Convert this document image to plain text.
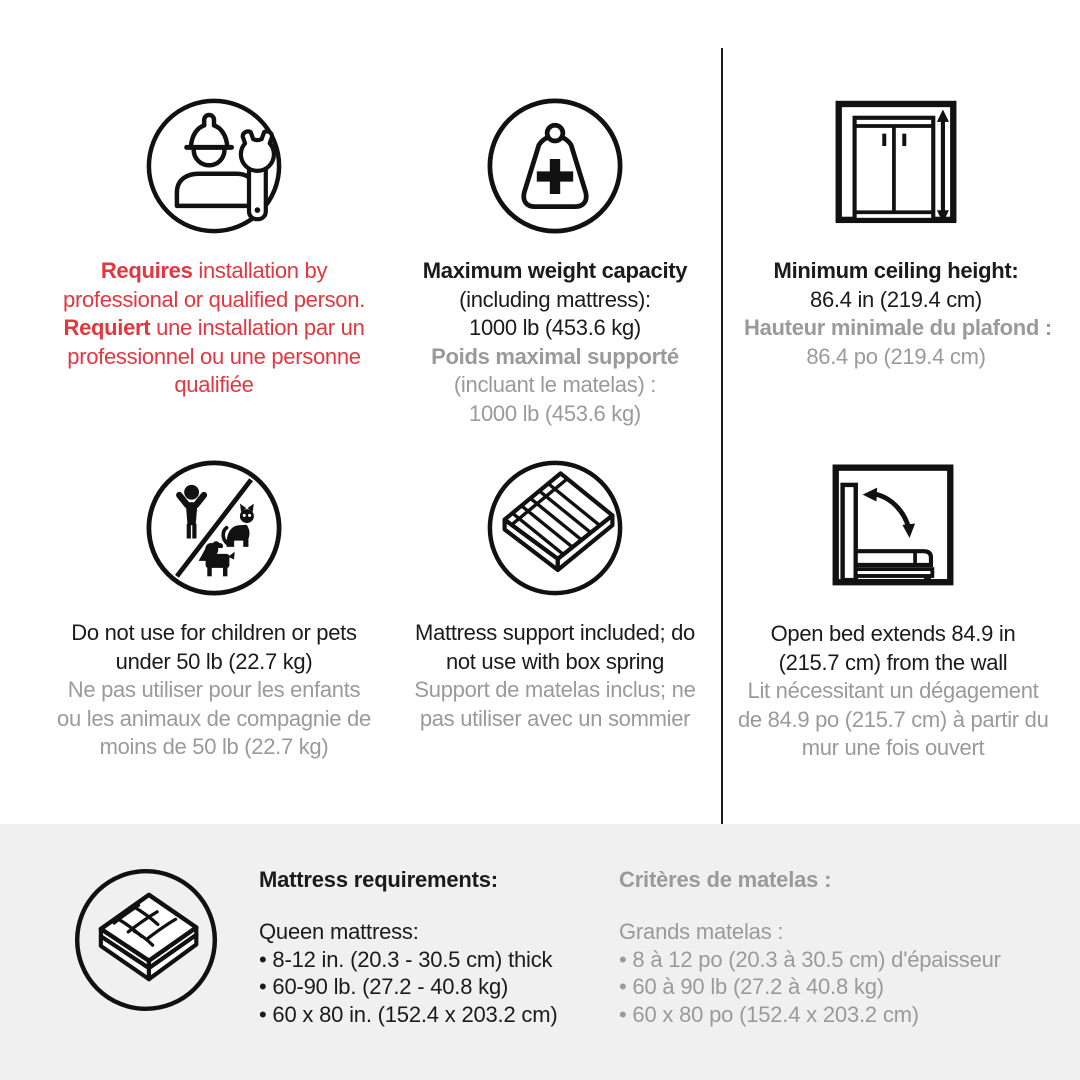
Requires installation by
professional or qualified person.
Requiert une installation par un
professionnel ou une personne
qualifiée
Maximum weight capacity
(including mattress):
1000 lb (453.6 kg)
Poids maximal supporté
(incluant le matelas) :
1000 lb (453.6 kg)
Minimum ceiling height:
86.4 in (219.4 cm)
Hauteur minimale du plafond :
86.4 po (219.4 cm)
Do not use for children or pets
under 50 lb (22.7 kg)
Ne pas utiliser pour les enfants
ou les animaux de compagnie de
moins de 50 lb (22.7 kg)
Mattress support included; do
not use with box spring
Support de matelas inclus; ne
pas utiliser avec un sommier
Open bed extends 84.9 in
(215.7 cm) from the wall
Lit nécessitant un dégagement
de 84.9 po (215.7 cm) à partir du
mur une fois ouvert
Mattress requirements:
Queen mattress:
• 8-12 in. (20.3 - 30.5 cm) thick
• 60-90 lb. (27.2 - 40.8 kg)
• 60 x 80 in. (152.4 x 203.2 cm)
Critères de matelas :
Grands matelas :
• 8 à 12 po (20.3 à 30.5 cm) d'épaisseur
• 60 à 90 lb (27.2 à 40.8 kg)
• 60 x 80 po (152.4 x 203.2 cm)
